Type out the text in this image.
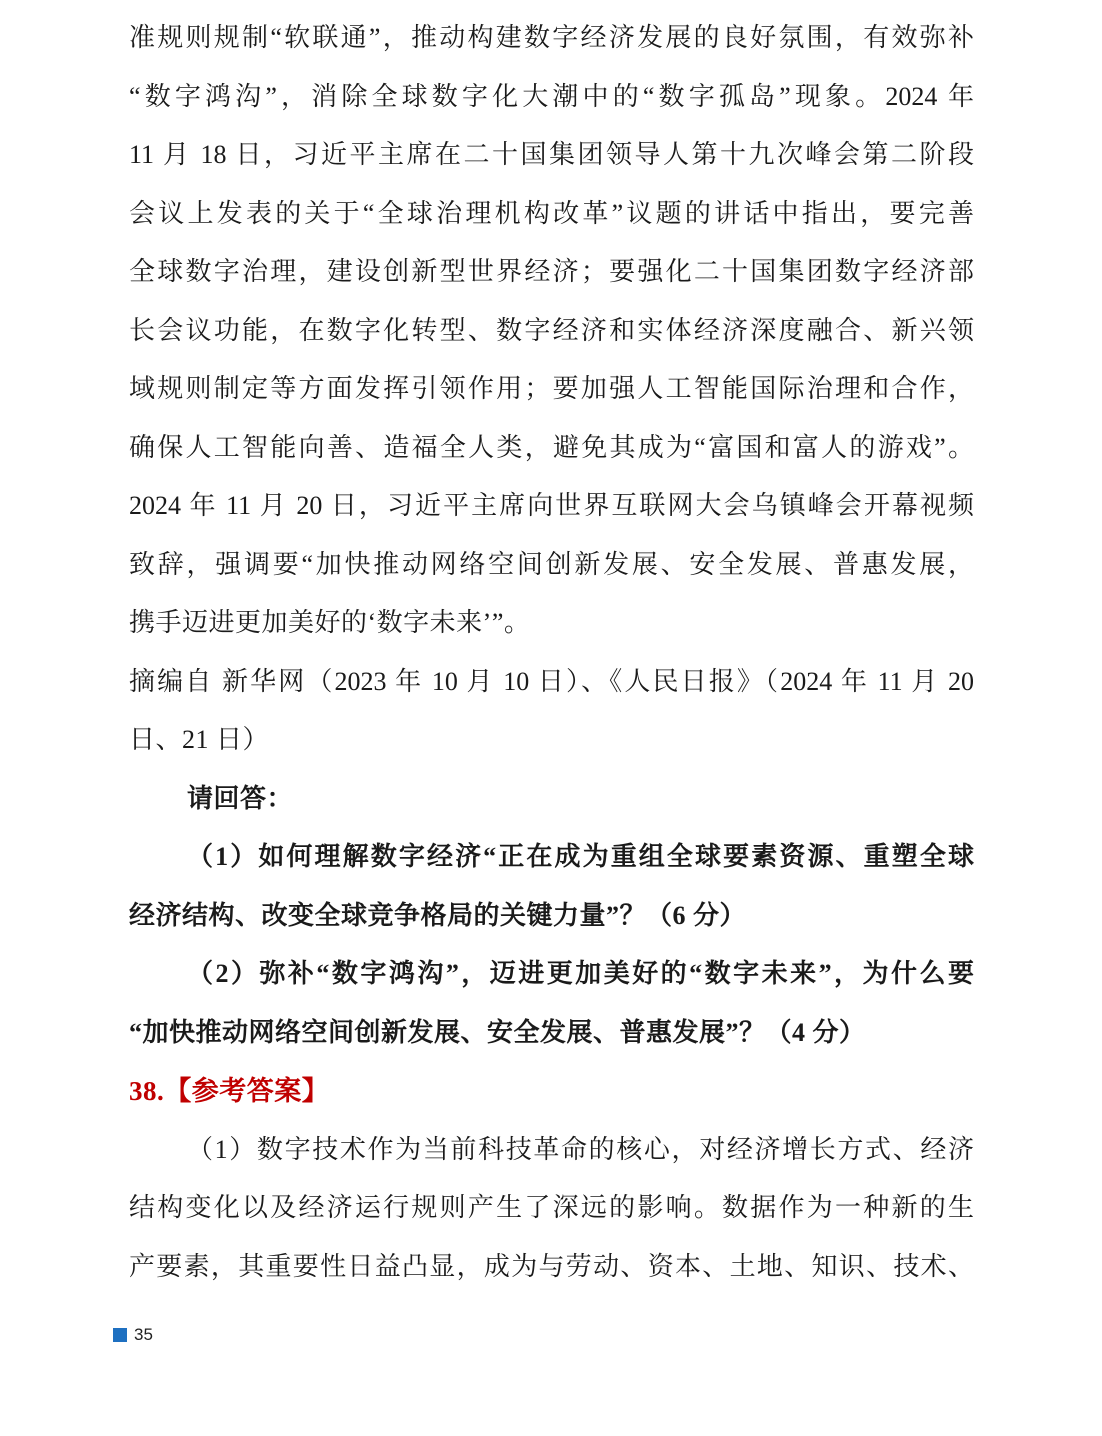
准规则规制“软联通”，推动构建数字经济发展的良好氛围，有效弥补
“数字鸿沟”，消除全球数字化大潮中的“数字孤岛”现象。2024 年
11 月 18 日，习近平主席在二十国集团领导人第十九次峰会第二阶段
会议上发表的关于“全球治理机构改革”议题的讲话中指出，要完善
全球数字治理，建设创新型世界经济；要强化二十国集团数字经济部
长会议功能，在数字化转型、数字经济和实体经济深度融合、新兴领
域规则制定等方面发挥引领作用；要加强人工智能国际治理和合作，
确保人工智能向善、造福全人类，避免其成为“富国和富人的游戏”。
2024 年 11 月 20 日，习近平主席向世界互联网大会乌镇峰会开幕视频
致辞，强调要“加快推动网络空间创新发展、安全发展、普惠发展，
携手迈进更加美好的‘数字未来’”。
摘编自 新华网（2023 年 10 月 10 日）、《人民日报》（2024 年 11 月 20
日、21 日）
请回答：
（1）如何理解数字经济“正在成为重组全球要素资源、重塑全球
经济结构、改变全球竞争格局的关键力量”？（6 分）
（2）弥补“数字鸿沟”，迈进更加美好的“数字未来”，为什么要
“加快推动网络空间创新发展、安全发展、普惠发展”？（4 分）
38.【参考答案】
（1）数字技术作为当前科技革命的核心，对经济增长方式、经济
结构变化以及经济运行规则产生了深远的影响。数据作为一种新的生
产要素，其重要性日益凸显，成为与劳动、资本、土地、知识、技术、
35
